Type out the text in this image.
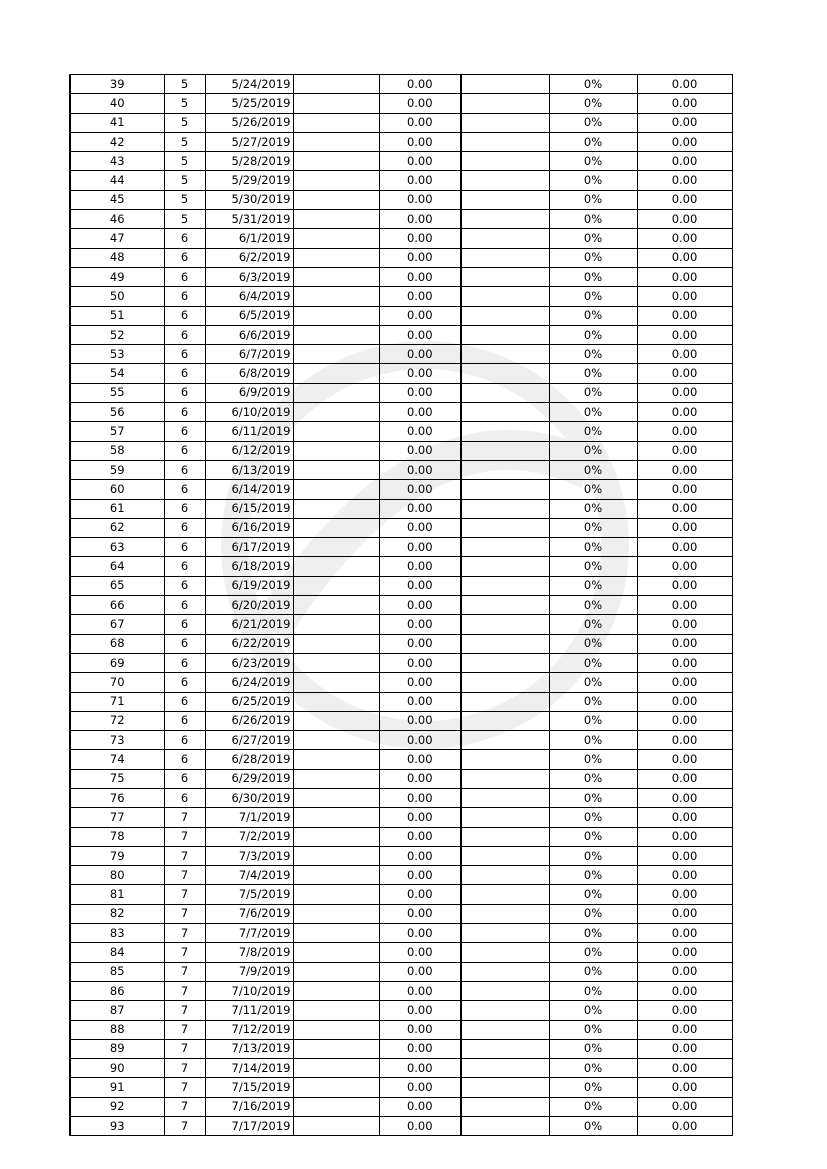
39	5	5/24/2019		0.00		0%	0.00
40	5	5/25/2019		0.00		0%	0.00
41	5	5/26/2019		0.00		0%	0.00
42	5	5/27/2019		0.00		0%	0.00
43	5	5/28/2019		0.00		0%	0.00
44	5	5/29/2019		0.00		0%	0.00
45	5	5/30/2019		0.00		0%	0.00
46	5	5/31/2019		0.00		0%	0.00
47	6	6/1/2019		0.00		0%	0.00
48	6	6/2/2019		0.00		0%	0.00
49	6	6/3/2019		0.00		0%	0.00
50	6	6/4/2019		0.00		0%	0.00
51	6	6/5/2019		0.00		0%	0.00
52	6	6/6/2019		0.00		0%	0.00
53	6	6/7/2019		0.00		0%	0.00
54	6	6/8/2019		0.00		0%	0.00
55	6	6/9/2019		0.00		0%	0.00
56	6	6/10/2019		0.00		0%	0.00
57	6	6/11/2019		0.00		0%	0.00
58	6	6/12/2019		0.00		0%	0.00
59	6	6/13/2019		0.00		0%	0.00
60	6	6/14/2019		0.00		0%	0.00
61	6	6/15/2019		0.00		0%	0.00
62	6	6/16/2019		0.00		0%	0.00
63	6	6/17/2019		0.00		0%	0.00
64	6	6/18/2019		0.00		0%	0.00
65	6	6/19/2019		0.00		0%	0.00
66	6	6/20/2019		0.00		0%	0.00
67	6	6/21/2019		0.00		0%	0.00
68	6	6/22/2019		0.00		0%	0.00
69	6	6/23/2019		0.00		0%	0.00
70	6	6/24/2019		0.00		0%	0.00
71	6	6/25/2019		0.00		0%	0.00
72	6	6/26/2019		0.00		0%	0.00
73	6	6/27/2019		0.00		0%	0.00
74	6	6/28/2019		0.00		0%	0.00
75	6	6/29/2019		0.00		0%	0.00
76	6	6/30/2019		0.00		0%	0.00
77	7	7/1/2019		0.00		0%	0.00
78	7	7/2/2019		0.00		0%	0.00
79	7	7/3/2019		0.00		0%	0.00
80	7	7/4/2019		0.00		0%	0.00
81	7	7/5/2019		0.00		0%	0.00
82	7	7/6/2019		0.00		0%	0.00
83	7	7/7/2019		0.00		0%	0.00
84	7	7/8/2019		0.00		0%	0.00
85	7	7/9/2019		0.00		0%	0.00
86	7	7/10/2019		0.00		0%	0.00
87	7	7/11/2019		0.00		0%	0.00
88	7	7/12/2019		0.00		0%	0.00
89	7	7/13/2019		0.00		0%	0.00
90	7	7/14/2019		0.00		0%	0.00
91	7	7/15/2019		0.00		0%	0.00
92	7	7/16/2019		0.00		0%	0.00
93	7	7/17/2019		0.00		0%	0.00
